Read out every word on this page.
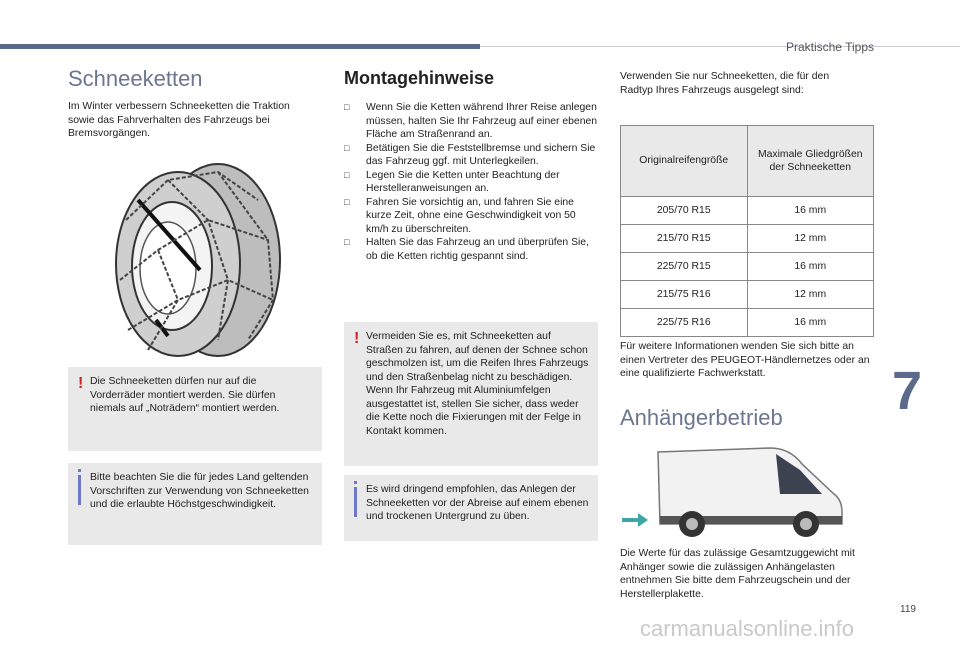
Praktische Tipps
Schneeketten
Im Winter verbessern Schneeketten die Traktion sowie das Fahrverhalten des Fahrzeugs bei Bremsvorgängen.
! Die Schneeketten dürfen nur auf die Vorderräder montiert werden. Sie dürfen niemals auf „Noträdern“ montiert werden.
Bitte beachten Sie die für jedes Land geltenden Vorschriften zur Verwendung von Schneeketten und die erlaubte Höchstgeschwindigkeit.
Montagehinweise
□ Wenn Sie die Ketten während Ihrer Reise anlegen müssen, halten Sie Ihr Fahrzeug auf einer ebenen Fläche am Straßenrand an.
□ Betätigen Sie die Feststellbremse und sichern Sie das Fahrzeug ggf. mit Unterlegkeilen.
□ Legen Sie die Ketten unter Beachtung der Herstelleranweisungen an.
□ Fahren Sie vorsichtig an, und fahren Sie eine kurze Zeit, ohne eine Geschwindigkeit von 50 km/h zu überschreiten.
□ Halten Sie das Fahrzeug an und überprüfen Sie, ob die Ketten richtig gespannt sind.
! Vermeiden Sie es, mit Schneeketten auf Straßen zu fahren, auf denen der Schnee schon geschmolzen ist, um die Reifen Ihres Fahrzeugs und den Straßenbelag nicht zu beschädigen. Wenn Ihr Fahrzeug mit Aluminiumfelgen ausgestattet ist, stellen Sie sicher, dass weder die Kette noch die Fixierungen mit der Felge in Kontakt kommen.
Es wird dringend empfohlen, das Anlegen der Schneeketten vor der Abreise auf einem ebenen und trockenen Untergrund zu üben.
Verwenden Sie nur Schneeketten, die für den Radtyp Ihres Fahrzeugs ausgelegt sind:
Originalreifengröße	Maximale Gliedgrößen der Schneeketten
205/70 R15	16 mm
215/70 R15	12 mm
225/70 R15	16 mm
215/75 R16	12 mm
225/75 R16	16 mm
Für weitere Informationen wenden Sie sich bitte an einen Vertreter des PEUGEOT-Händlernetzes oder an eine qualifizierte Fachwerkstatt.
Anhängerbetrieb
Die Werte für das zulässige Gesamtzuggewicht mit Anhänger sowie die zulässigen Anhängelasten entnehmen Sie bitte dem Fahrzeugschein und der Herstellerplakette.
7
119
carmanualsonline.info
